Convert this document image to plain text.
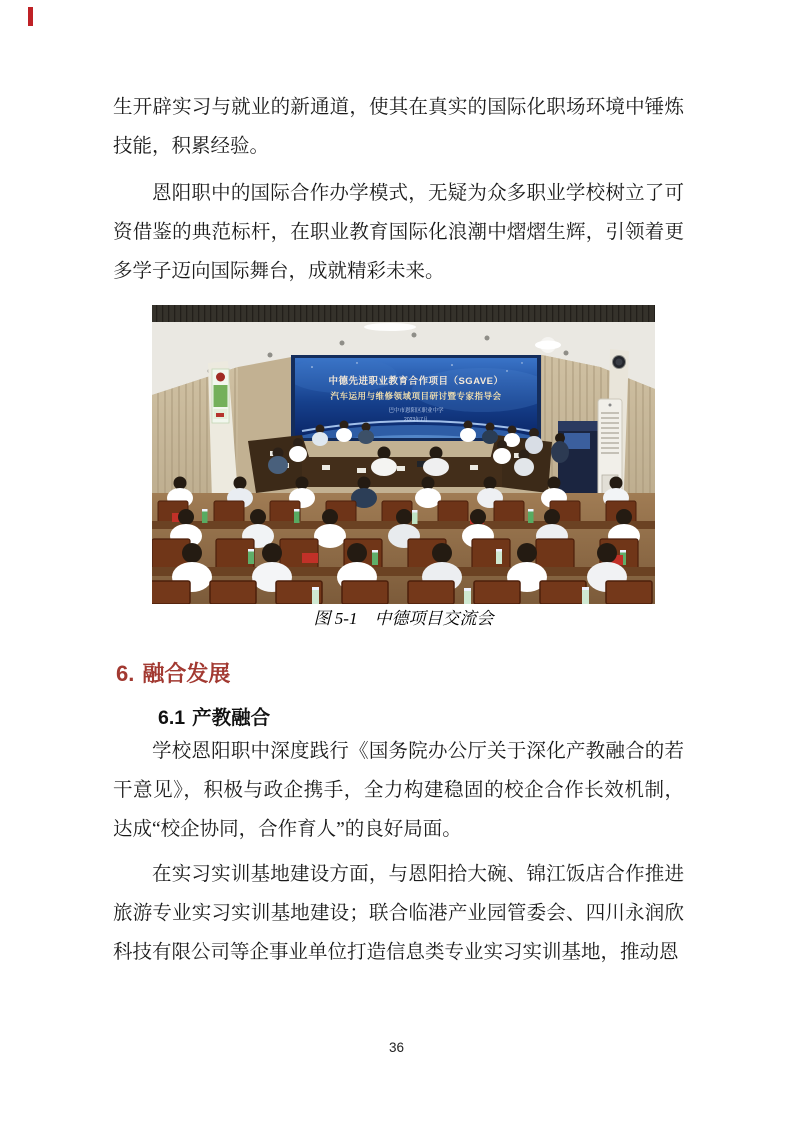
生开辟实习与就业的新通道，使其在真实的国际化职场环境中锤炼技能，积累经验。

恩阳职中的国际合作办学模式，无疑为众多职业学校树立了可资借鉴的典范标杆，在职业教育国际化浪潮中熠熠生辉，引领着更多学子迈向国际舞台，成就精彩未来。

中德先进职业教育合作项目（SGAVE）
汽车运用与维修领域项目研讨暨专家指导会
巴中市恩阳区职业中学
2023年7月
图 5-1　中德项目交流会
6. 融合发展
6.1 产教融合

学校恩阳职中深度践行《国务院办公厅关于深化产教融合的若干意见》，积极与政企携手，全力构建稳固的校企合作长效机制，达成“校企协同，合作育人”的良好局面。

在实习实训基地建设方面，与恩阳拾大碗、锦江饭店合作推进旅游专业实习实训基地建设；联合临港产业园管委会、四川永润欣科技有限公司等企事业单位打造信息类专业实习实训基地，推动恩

36
